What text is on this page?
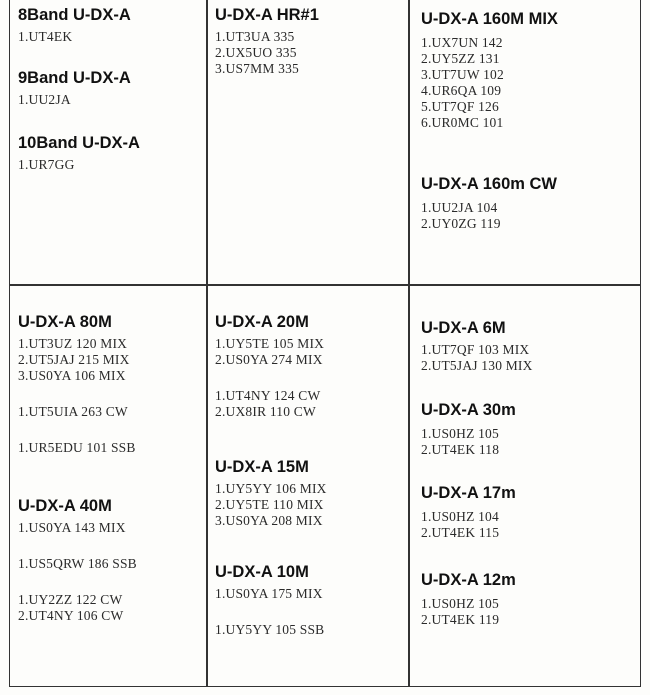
8Band U-DX-A
1.UT4EK
9Band U-DX-A
1.UU2JA
10Band U-DX-A
1.UR7GG
U-DX-A HR#1
1.UT3UA 335
2.UX5UO 335
3.US7MM 335
U-DX-A 160M MIX
1.UX7UN 142
2.UY5ZZ 131
3.UT7UW 102
4.UR6QA 109
5.UT7QF 126
6.UR0MC 101
U-DX-A 160m CW
1.UU2JA 104
2.UY0ZG 119
U-DX-A 80M
1.UT3UZ 120 MIX
2.UT5JAJ 215 MIX
3.US0YA 106 MIX
1.UT5UIA 263 CW
1.UR5EDU 101 SSB
U-DX-A 40M
1.US0YA 143 MIX
1.US5QRW 186 SSB
1.UY2ZZ 122 CW
2.UT4NY 106 CW
U-DX-A 20M
1.UY5TE 105 MIX
2.US0YA 274 MIX
1.UT4NY 124 CW
2.UX8IR 110 CW
U-DX-A 15M
1.UY5YY 106 MIX
2.UY5TE 110 MIX
3.US0YA 208 MIX
U-DX-A 10M
1.US0YA 175 MIX
1.UY5YY 105 SSB
U-DX-A 6M
1.UT7QF 103 MIX
2.UT5JAJ 130 MIX
U-DX-A 30m
1.US0HZ 105
2.UT4EK 118
U-DX-A 17m
1.US0HZ 104
2.UT4EK 115
U-DX-A 12m
1.US0HZ 105
2.UT4EK 119
